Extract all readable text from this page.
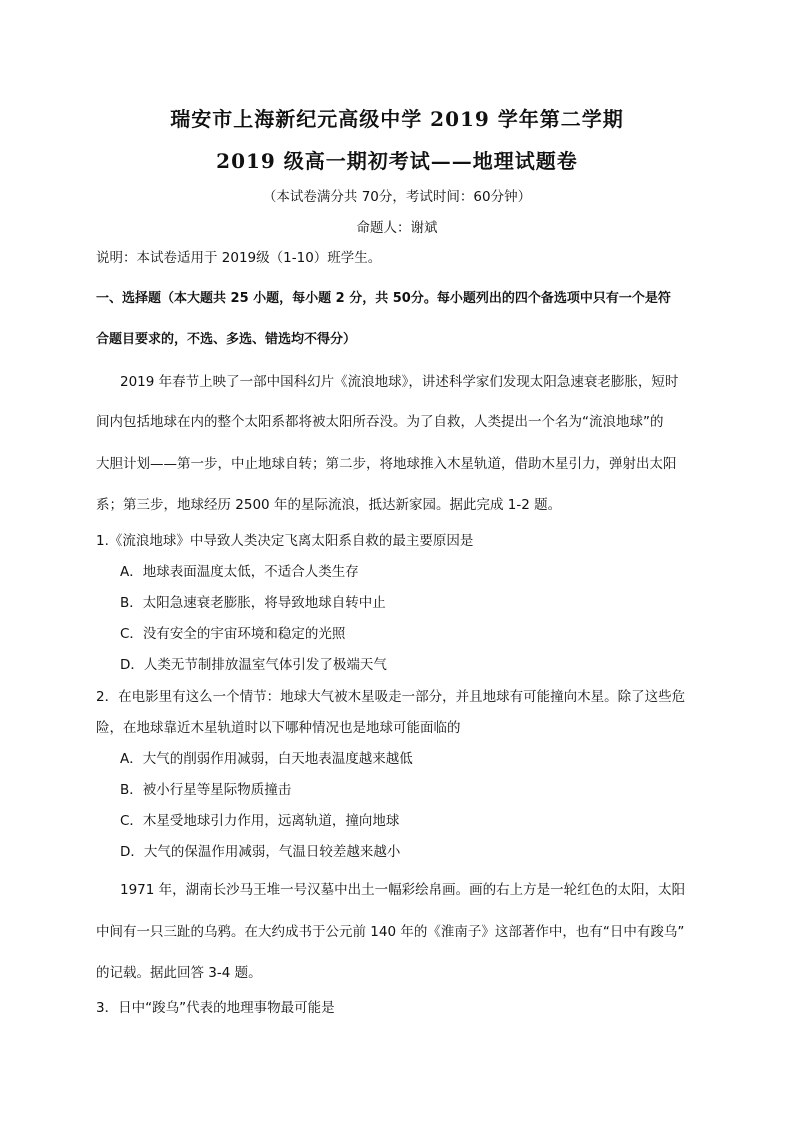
瑞安市上海新纪元高级中学 2019 学年第二学期
2019 级高一期初考试——地理试题卷
（本试卷满分共 70分，考试时间：60分钟）
命题人：谢斌
说明：本试卷适用于 2019级（1-10）班学生。
一、选择题（本大题共 25 小题，每小题 2 分，共 50分。每小题列出的四个备选项中只有一个是符
合题目要求的，不选、多选、错选均不得分）
2019 年春节上映了一部中国科幻片《流浪地球》，讲述科学家们发现太阳急速衰老膨胀，短时
间内包括地球在内的整个太阳系都将被太阳所吞没。为了自救，人类提出一个名为“流浪地球”的
大胆计划——第一步，中止地球自转；第二步，将地球推入木星轨道，借助木星引力，弹射出太阳
系；第三步，地球经历 2500 年的星际流浪，抵达新家园。据此完成 1-2 题。
1.《流浪地球》中导致人类决定飞离太阳系自救的最主要原因是
A．地球表面温度太低，不适合人类生存
B．太阳急速衰老膨胀，将导致地球自转中止
C．没有安全的宇宙环境和稳定的光照
D．人类无节制排放温室气体引发了极端天气
2．在电影里有这么一个情节：地球大气被木星吸走一部分，并且地球有可能撞向木星。除了这些危
险，在地球靠近木星轨道时以下哪种情况也是地球可能面临的
A．大气的削弱作用减弱，白天地表温度越来越低
B．被小行星等星际物质撞击
C．木星受地球引力作用，远离轨道，撞向地球
D．大气的保温作用减弱，气温日较差越来越小
1971 年，湖南长沙马王堆一号汉墓中出土一幅彩绘帛画。画的右上方是一轮红色的太阳，太阳
中间有一只三趾的乌鸦。在大约成书于公元前 140 年的《淮南子》这部著作中，也有“日中有踆乌”
的记载。据此回答 3-4 题。
3．日中“踆乌”代表的地理事物最可能是
